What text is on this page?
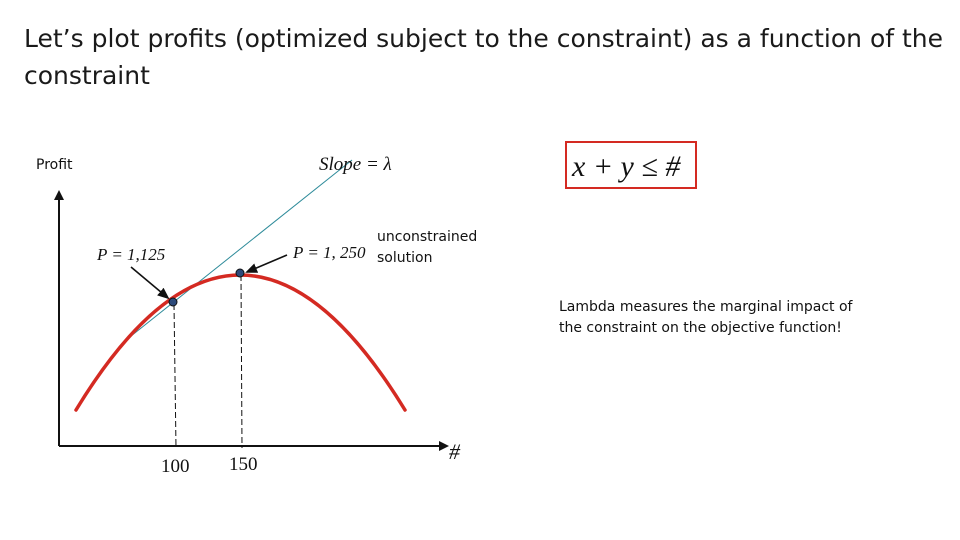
Let’s plot profits (optimized subject to the constraint) as a function of the constraint
Profit
unconstrained solution
Lambda measures the marginal impact of the constraint on the objective function!
Slope = λ
P = 1,125	P = 1, 250
#
100 150
x + y ≤ #
